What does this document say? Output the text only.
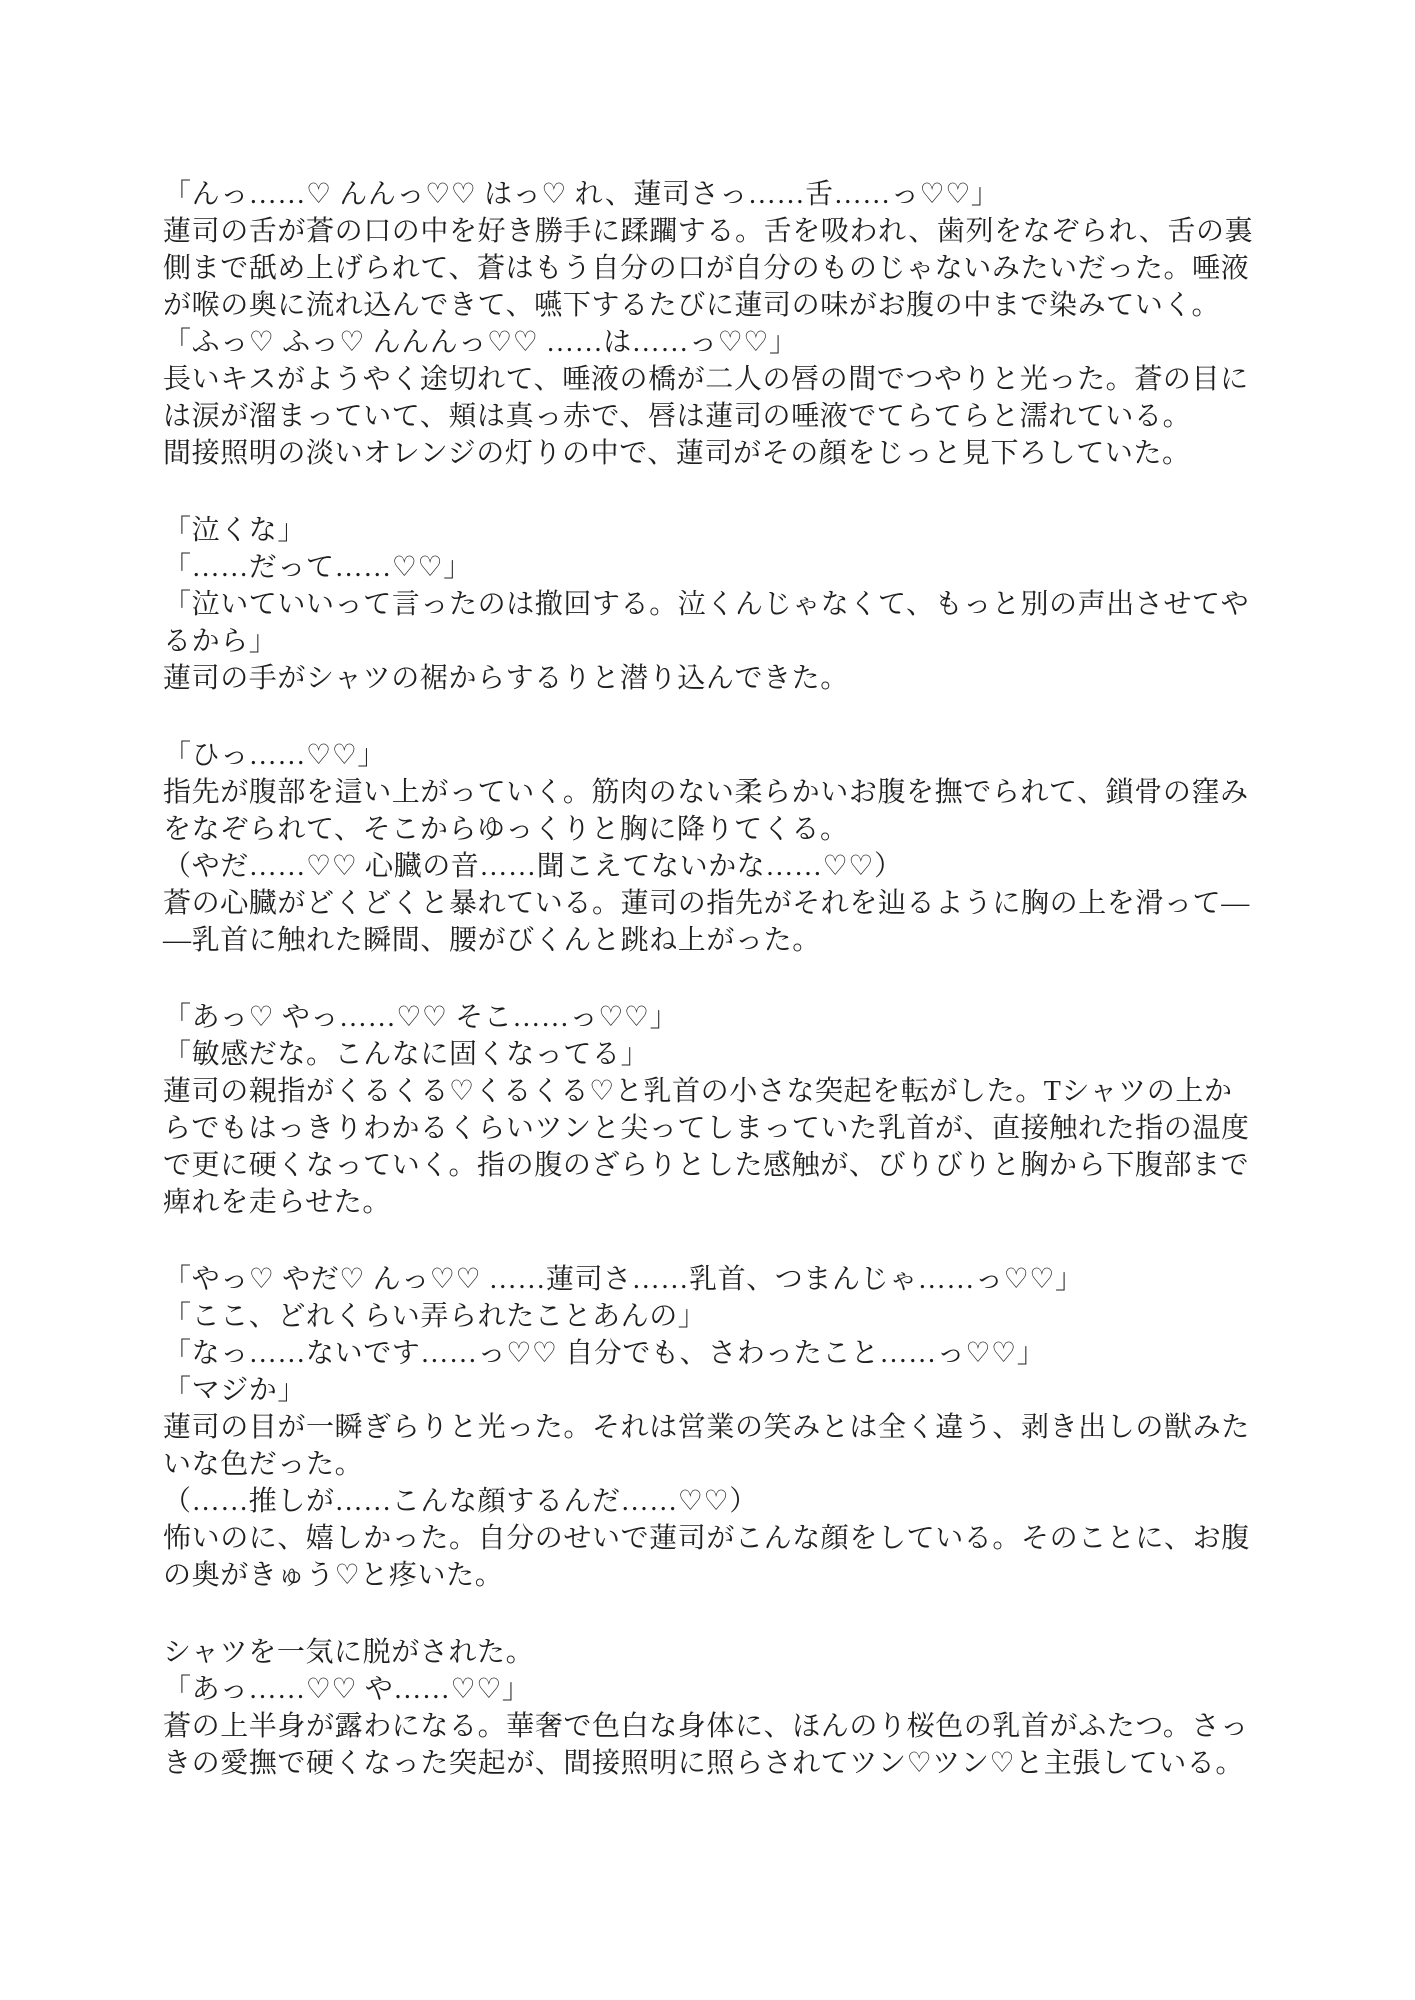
「んっ……♡ んんっ♡♡ はっ♡ れ、蓮司さっ……舌……っ♡♡」
蓮司の舌が蒼の口の中を好き勝手に蹂躙する。舌を吸われ、歯列をなぞられ、舌の裏
側まで舐め上げられて、蒼はもう自分の口が自分のものじゃないみたいだった。唾液
が喉の奥に流れ込んできて、嚥下するたびに蓮司の味がお腹の中まで染みていく。
「ふっ♡ ふっ♡ んんんっ♡♡ ……は……っ♡♡」
長いキスがようやく途切れて、唾液の橋が二人の唇の間でつやりと光った。蒼の目に
は涙が溜まっていて、頬は真っ赤で、唇は蓮司の唾液でてらてらと濡れている。
間接照明の淡いオレンジの灯りの中で、蓮司がその顔をじっと見下ろしていた。

「泣くな」
「……だって……♡♡」
「泣いていいって言ったのは撤回する。泣くんじゃなくて、もっと別の声出させてや
るから」
蓮司の手がシャツの裾からするりと潜り込んできた。

「ひっ……♡♡」
指先が腹部を這い上がっていく。筋肉のない柔らかいお腹を撫でられて、鎖骨の窪み
をなぞられて、そこからゆっくりと胸に降りてくる。
（やだ……♡♡ 心臓の音……聞こえてないかな……♡♡）
蒼の心臓がどくどくと暴れている。蓮司の指先がそれを辿るように胸の上を滑って―
―乳首に触れた瞬間、腰がびくんと跳ね上がった。

「あっ♡ やっ……♡♡ そこ……っ♡♡」
「敏感だな。こんなに固くなってる」
蓮司の親指がくるくる♡くるくる♡と乳首の小さな突起を転がした。Tシャツの上か
らでもはっきりわかるくらいツンと尖ってしまっていた乳首が、直接触れた指の温度
で更に硬くなっていく。指の腹のざらりとした感触が、びりびりと胸から下腹部まで
痺れを走らせた。

「やっ♡ やだ♡ んっ♡♡ ……蓮司さ……乳首、つまんじゃ……っ♡♡」
「ここ、どれくらい弄られたことあんの」
「なっ……ないです……っ♡♡ 自分でも、さわったこと……っ♡♡」
「マジか」
蓮司の目が一瞬ぎらりと光った。それは営業の笑みとは全く違う、剥き出しの獣みた
いな色だった。
（……推しが……こんな顔するんだ……♡♡）
怖いのに、嬉しかった。自分のせいで蓮司がこんな顔をしている。そのことに、お腹
の奥がきゅう♡と疼いた。

シャツを一気に脱がされた。
「あっ……♡♡ や……♡♡」
蒼の上半身が露わになる。華奢で色白な身体に、ほんのり桜色の乳首がふたつ。さっ
きの愛撫で硬くなった突起が、間接照明に照らされてツン♡ツン♡と主張している。
